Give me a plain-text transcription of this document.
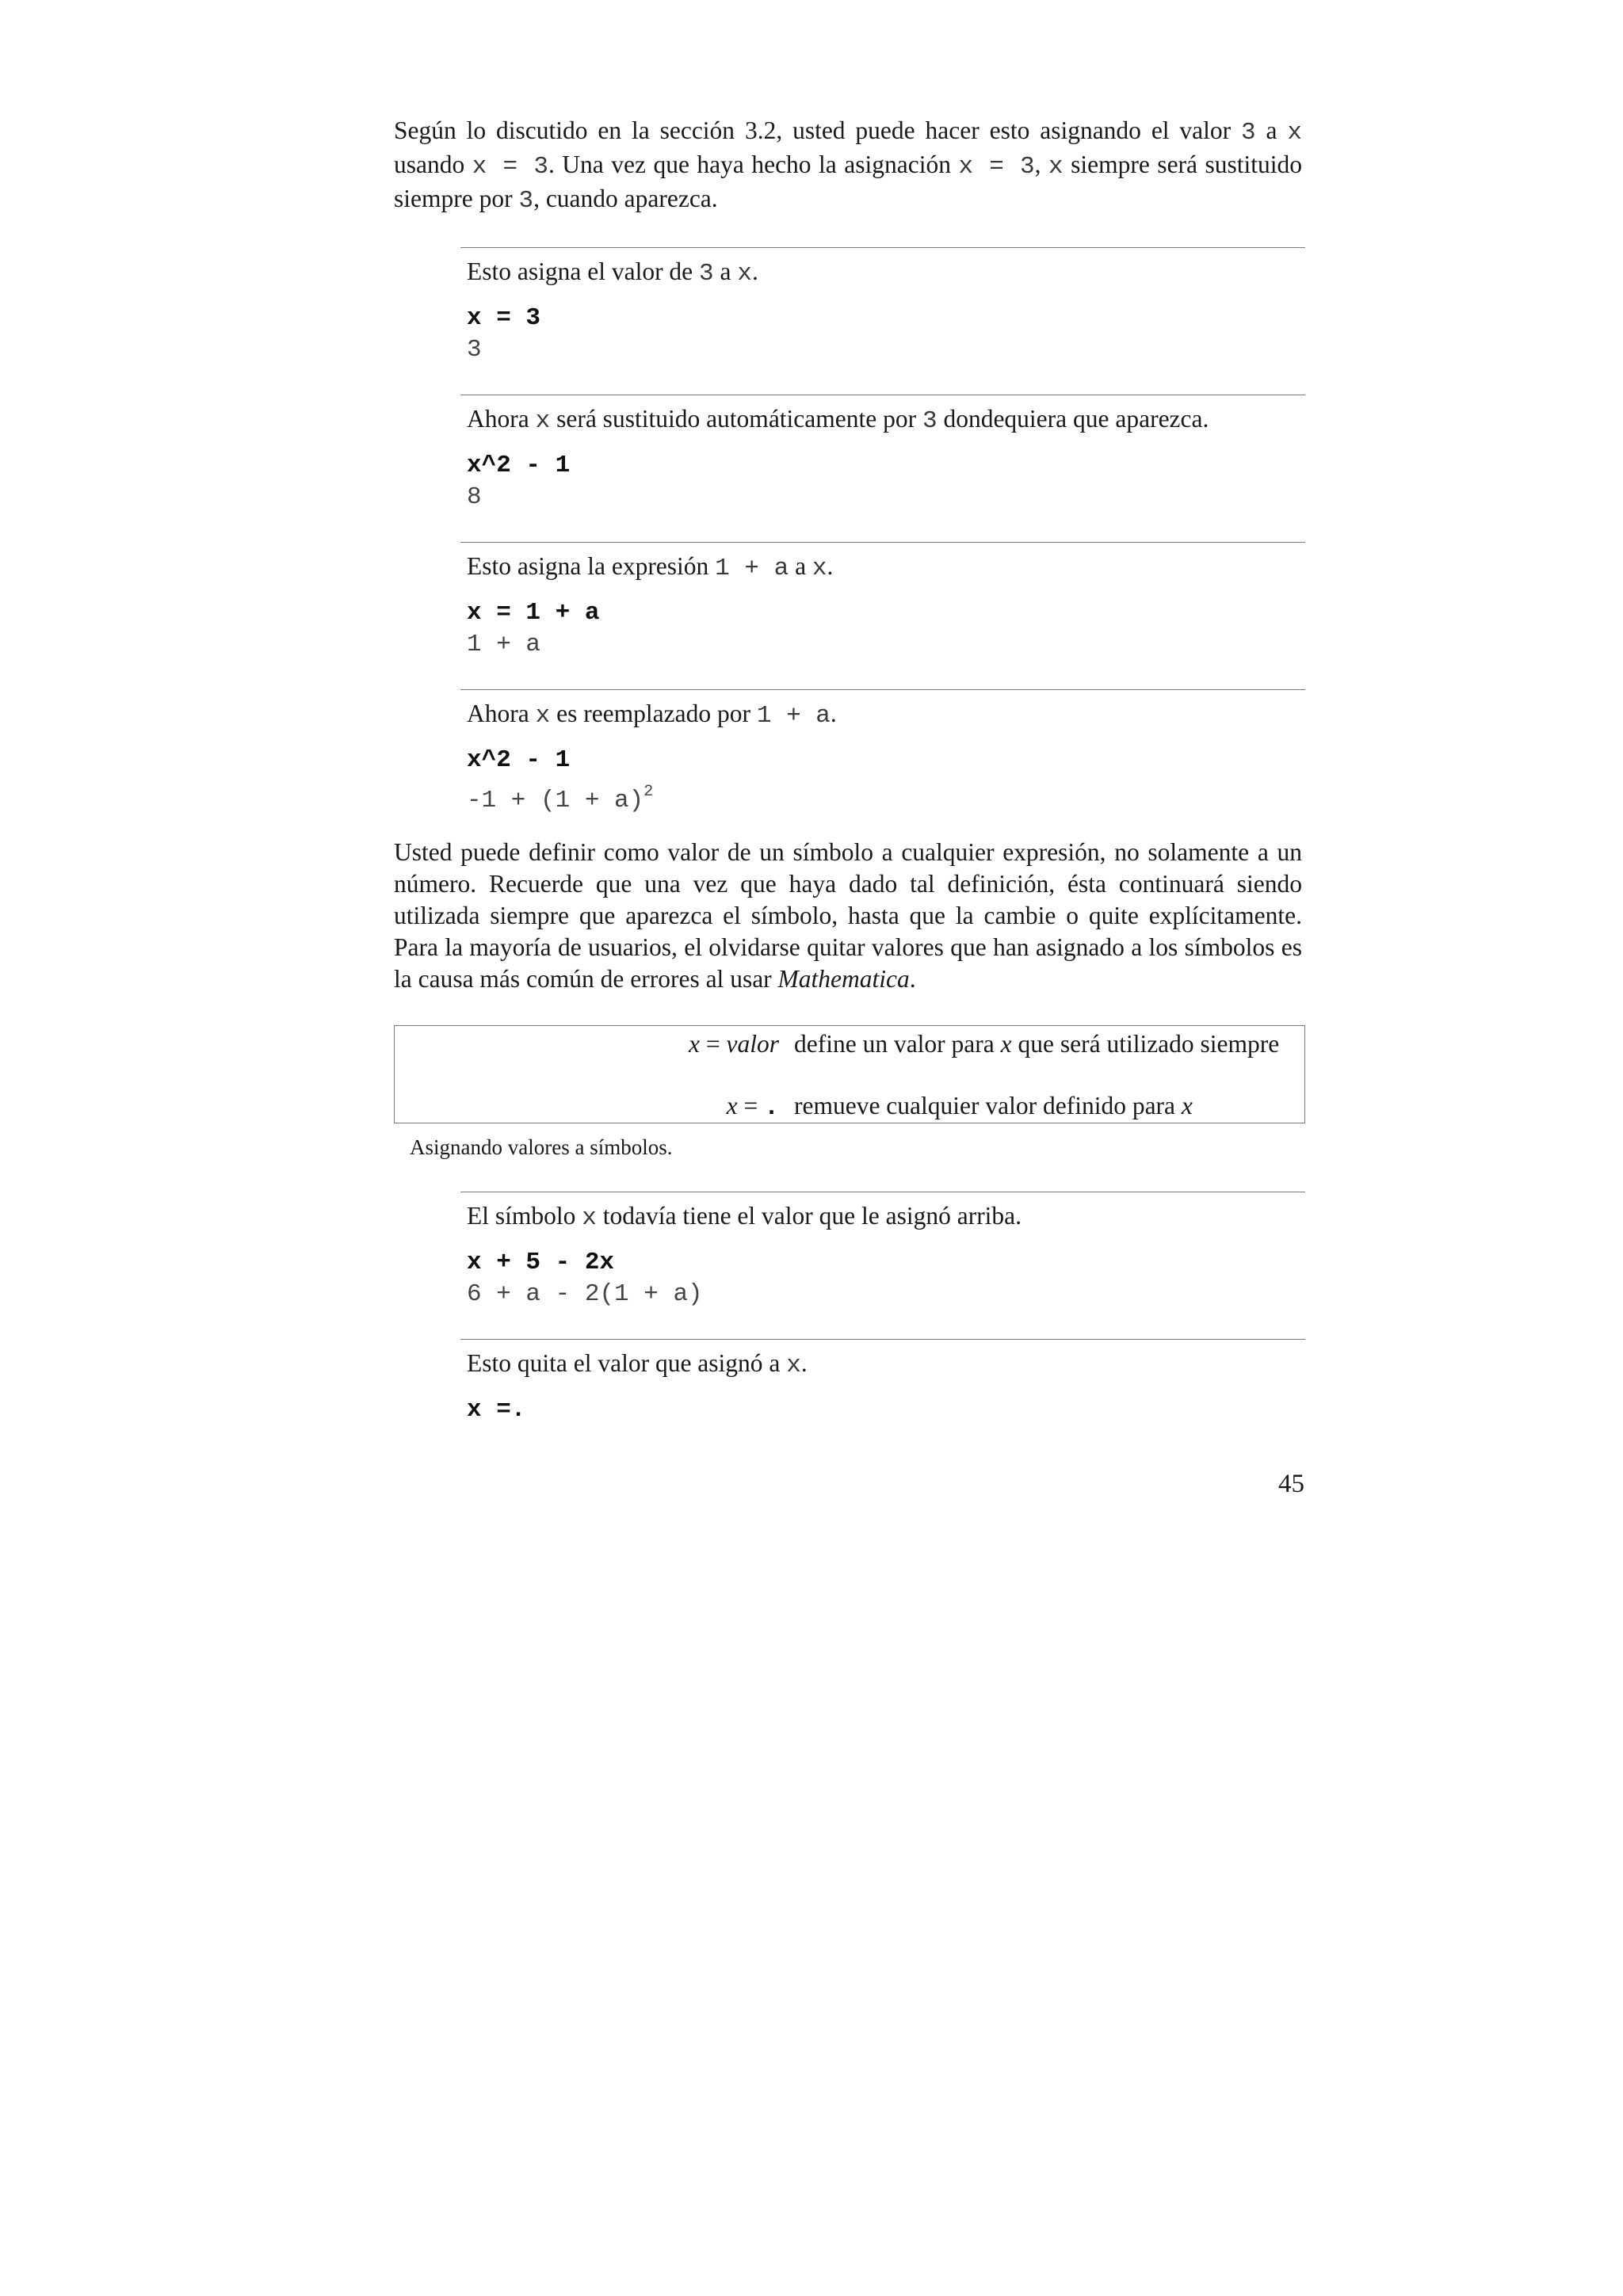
Según lo discutido en la sección 3.2, usted puede hacer esto asignando el valor 3 a x usando x = 3. Una vez que haya hecho la asignación x = 3, x siempre será sustituido siempre por 3, cuando aparezca.

Esto asigna el valor de 3 a x.

x = 3
3

Ahora x será sustituido automáticamente por 3 dondequiera que aparezca.

x^2 - 1
8

Esto asigna la expresión 1 + a a x.

x = 1 + a
1 + a

Ahora x es reemplazado por 1 + a.

x^2 - 1
$-1 + (1 + a)^2$

Usted puede definir como valor de un símbolo a cualquier expresión, no solamente a un número. Recuerde que una vez que haya dado tal definición, ésta continuará siendo utilizada siempre que aparezca el símbolo, hasta que la cambie o quite explícitamente. Para la mayoría de usuarios, el olvidarse quitar valores que han asignado a los símbolos es la causa más común de errores al usar Mathematica.

x = valor define un valor para x que será utilizado siempre
x = . remueve cualquier valor definido para x
Asignando valores a símbolos.

El símbolo x todavía tiene el valor que le asignó arriba.

x + 5 - 2x
6 + a - 2(1 + a)

Esto quita el valor que asignó a x.

x =.
45
